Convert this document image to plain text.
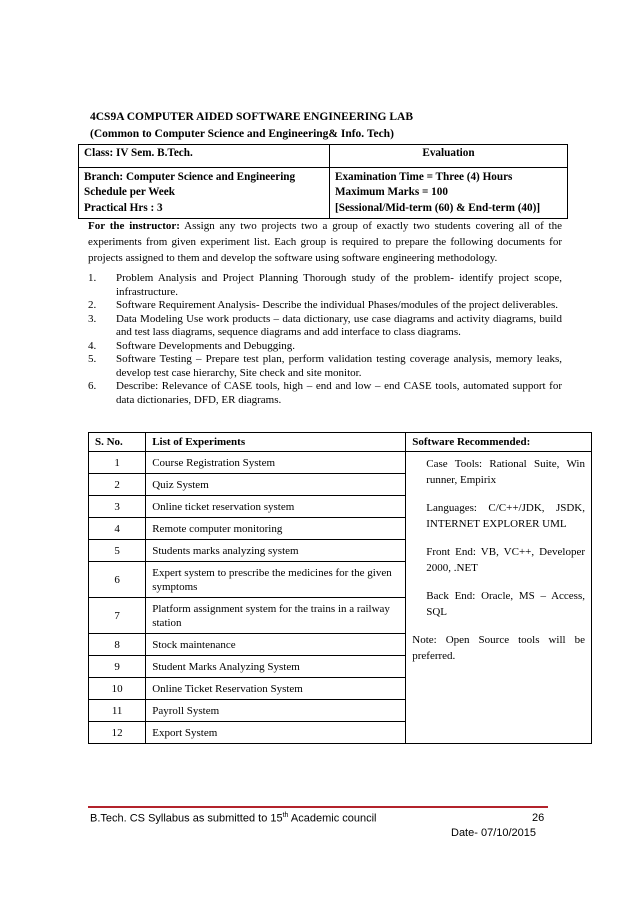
4CS9A COMPUTER AIDED SOFTWARE ENGINEERING LAB
(Common to Computer Science and Engineering& Info. Tech)
Class: IV Sem. B.Tech.	Evaluation

Branch: Computer Science and Engineering
Schedule per Week
Practical Hrs : 3	Examination Time = Three (4) Hours
Maximum Marks = 100
[Sessional/Mid-term (60) & End-term (40)]
For the instructor: Assign any two projects two a group of exactly two students covering all of the experiments from given experiment list. Each group is required to prepare the following documents for projects assigned to them and develop the software using software engineering methodology.
1. Problem Analysis and Project Planning Thorough study of the problem- identify project scope, infrastructure.
2. Software Requirement Analysis- Describe the individual Phases/modules of the project deliverables.
3. Data Modeling Use work products – data dictionary, use case diagrams and activity diagrams, build and test lass diagrams, sequence diagrams and add interface to class diagrams.
4. Software Developments and Debugging.
5. Software Testing – Prepare test plan, perform validation testing coverage analysis, memory leaks, develop test case hierarchy, Site check and site monitor.
6. Describe: Relevance of CASE tools, high – end and low – end CASE tools, automated support for data dictionaries, DFD, ER diagrams.
S. No.	List of Experiments	Software Recommended:
1	Course Registration System	Case Tools: Rational Suite, Win runner, Empirix

Languages: C/C++/JDK, JSDK, INTERNET EXPLORER UML

Front End: VB, VC++, Developer 2000, .NET

Back End: Oracle, MS – Access, SQL

Note: Open Source tools will be preferred.

2	Quiz System	
3	Online ticket reservation system	
4	Remote computer monitoring	
5	Students marks analyzing system	
6	Expert system to prescribe the medicines for the given symptoms	
7	Platform assignment system for the trains in a railway station	
8	Stock maintenance	
9	Student Marks Analyzing System	
10	Online Ticket Reservation System	
11	Payroll System	
12	Export System	
B.Tech. CS Syllabus as submitted to 15th Academic council	26
Date- 07/10/2015
